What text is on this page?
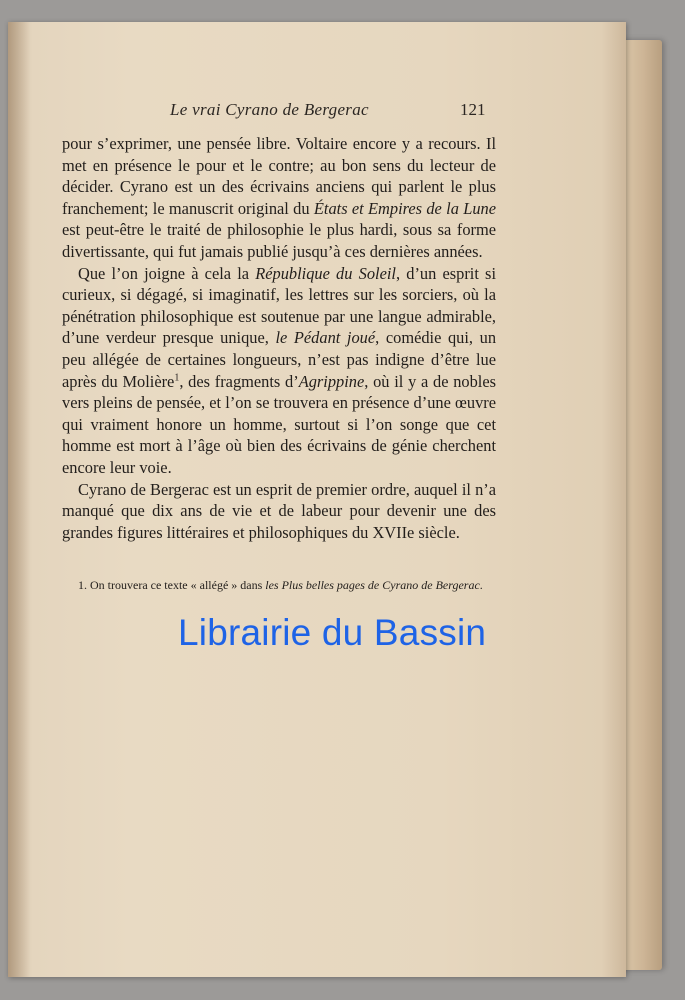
Le vrai Cyrano de Bergerac	121

pour s’exprimer, une pensée libre. Voltaire encore y a recours. Il met en présence le pour et le contre; au bon sens du lecteur de décider. Cyrano est un des écrivains anciens qui parlent le plus franchement; le manuscrit original du États et Empires de la Lune est peut-être le traité de philosophie le plus hardi, sous sa forme divertissante, qui fut jamais publié jusqu’à ces dernières années.

Que l’on joigne à cela la République du Soleil, d’un esprit si curieux, si dégagé, si imaginatif, les lettres sur les sorciers, où la pénétration philosophique est soutenue par une langue admirable, d’une verdeur presque unique, le Pédant joué, comédie qui, un peu allégée de certaines longueurs, n’est pas indigne d’être lue après du Molière$^1$, des fragments d’Agrippine, où il y a de nobles vers pleins de pensée, et l’on se trouvera en présence d’une œuvre qui vraiment honore un homme, surtout si l’on songe que cet homme est mort à l’âge où bien des écrivains de génie cherchent encore leur voie.

Cyrano de Bergerac est un esprit de premier ordre, auquel il n’a manqué que dix ans de vie et de labeur pour devenir une des grandes figures littéraires et philosophiques du XVIIe siècle.

1. On trouvera ce texte « allégé » dans les Plus belles pages de Cyrano de Bergerac.
Librairie du Bassin
